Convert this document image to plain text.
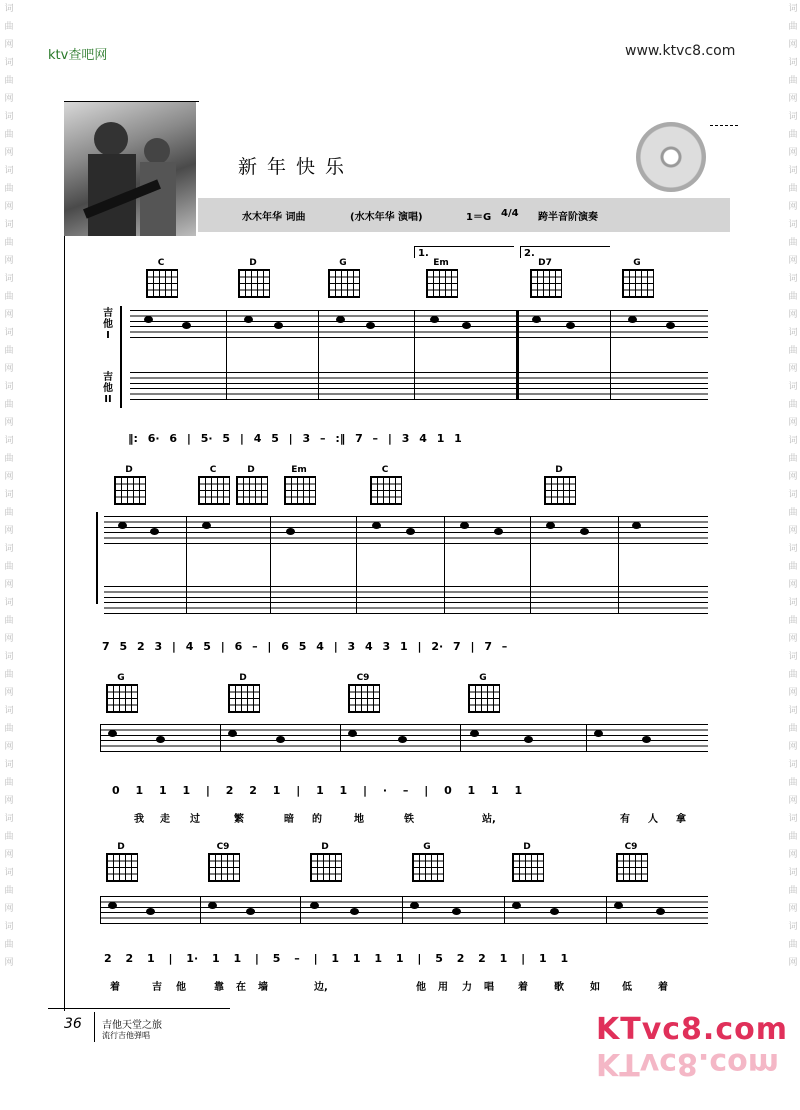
词曲网词曲网词曲网词曲网词曲网词曲网词曲网词曲网词曲网词曲网词曲网词曲网词曲网词曲网词曲网词曲网词曲网词曲网
词曲网词曲网词曲网词曲网词曲网词曲网词曲网词曲网词曲网词曲网词曲网词曲网词曲网词曲网词曲网词曲网词曲网词曲网
ktv查吧网	www.ktvc8.com
新年快乐
水木年华 词曲	(水木年华 演唱)	1＝G 4/4 跨半音阶演奏
1.	2.
C	D	G	Em	D7	G
吉他I
吉他II
‖: 6· 6 | 5· 5 | 4 5 | 3 – :‖ 7 – | 3 4 1 1
D	C	D	Em	C	D
7 5 2 3 | 4 5 | 6 – | 6 5 4 | 3 4 3 1 | 2· 7 | 7 –
G	D	C9	G
0 1 1 1 | 2 2 1 | 1 1 | · – | 0 1 1 1
我 走 过	繁	暗 的	地	铁	站,	有 人 拿
D	C9	D	G	D	C9
2 2 1 | 1· 1 1 | 5 – | 1 1 1 1 | 5 2 2 1 | 1 1
着	吉 他	靠 在 墙	边,	他 用 力 唱 着	歌	如 低	着
36 吉他天堂之旅
流行吉他弹唱	KTvc8.com
KTvc8.com
